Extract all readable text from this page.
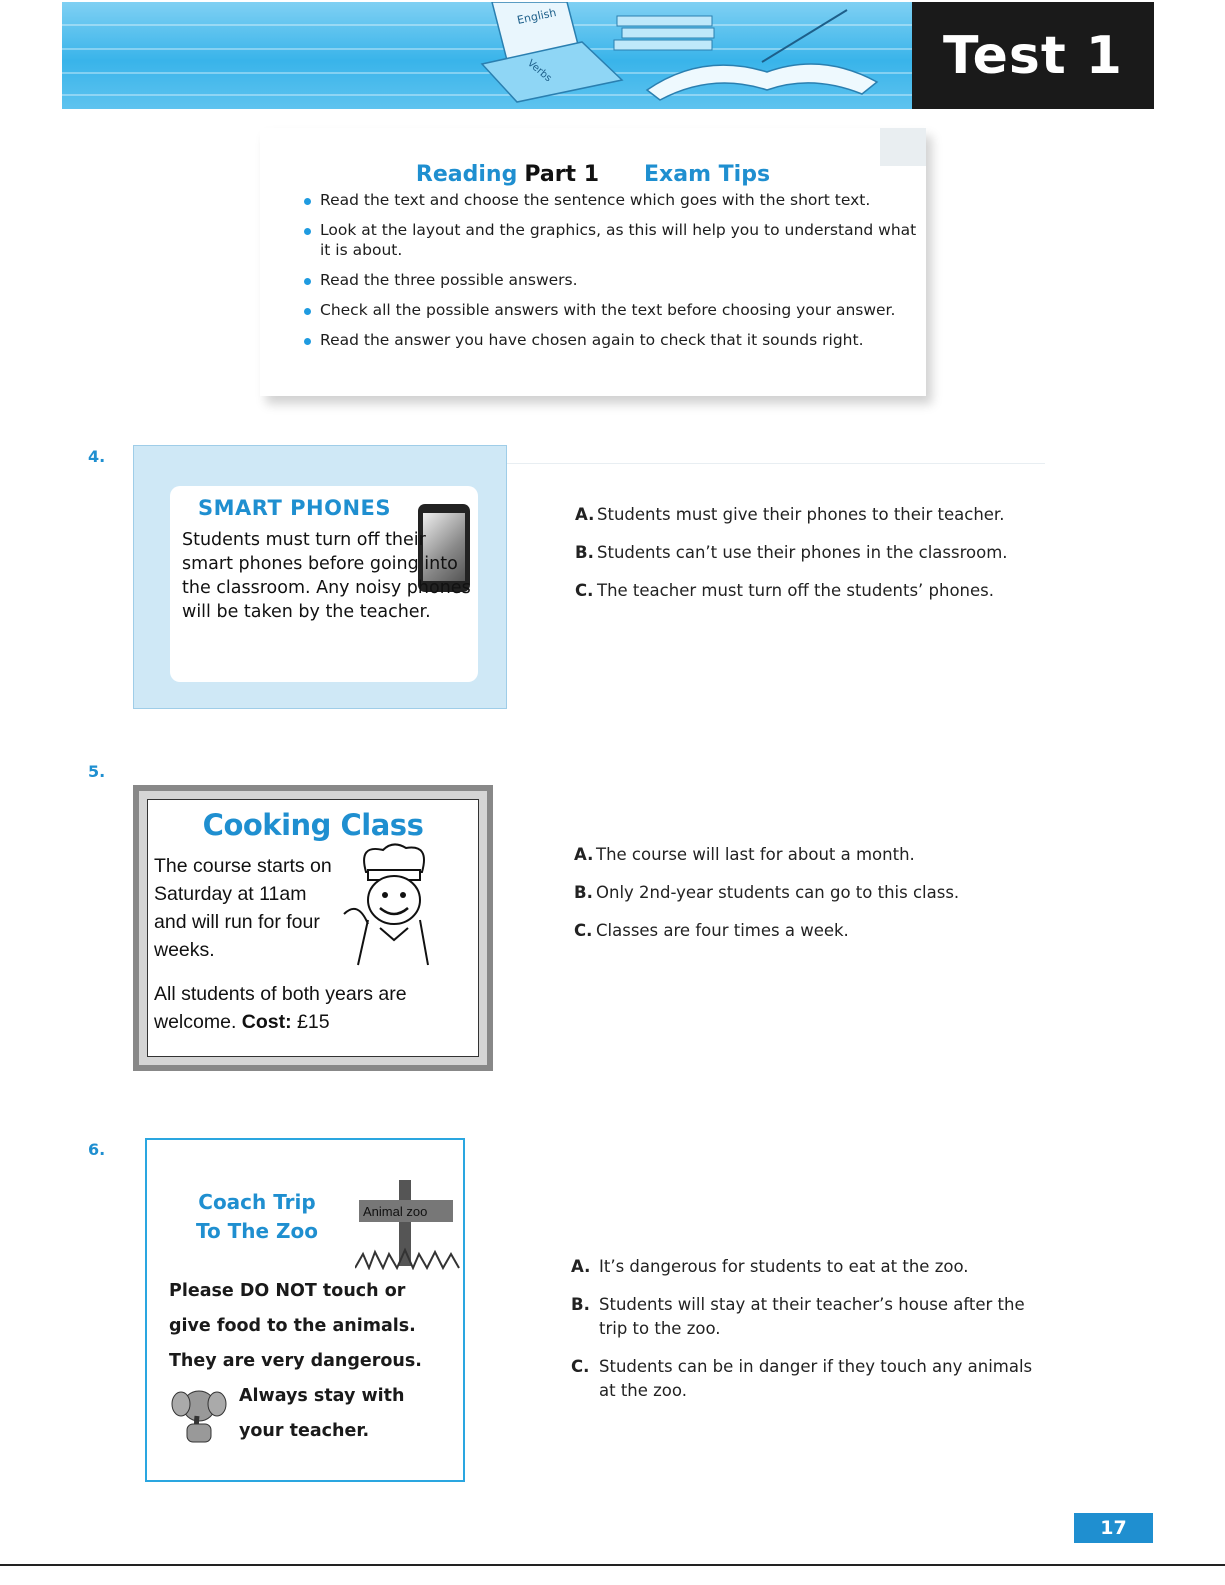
English
Verbs	Test 1
Reading Part 1 Exam Tips
Read the text and choose the sentence which goes with the short text.
Look at the layout and the graphics, as this will help you to understand what it is about.
Read the three possible answers.
Check all the possible answers with the text before choosing your answer.
Read the answer you have chosen again to check that it sounds right.
4.
SMART PHONES
Students must turn off their smart phones before going into the classroom. Any noisy phones will be taken by the teacher.
A. Students must give their phones to their teacher.
B. Students can’t use their phones in the classroom.
C. The teacher must turn off the students’ phones.
5.
Cooking Class
The course starts on Saturday at 11am and will run for four weeks.
All students of both years are welcome. Cost: £15
A. The course will last for about a month.
B. Only 2nd-year students can go to this class.
C. Classes are four times a week.
6.
Coach Trip
To The Zoo
Animal zoo
Please DO NOT touch or
give food to the animals.
They are very dangerous.
Always stay with
your teacher.
A. It’s dangerous for students to eat at the zoo.
B. Students will stay at their teacher’s house after the trip to the zoo.
C. Students can be in danger if they touch any animals at the zoo.
17
